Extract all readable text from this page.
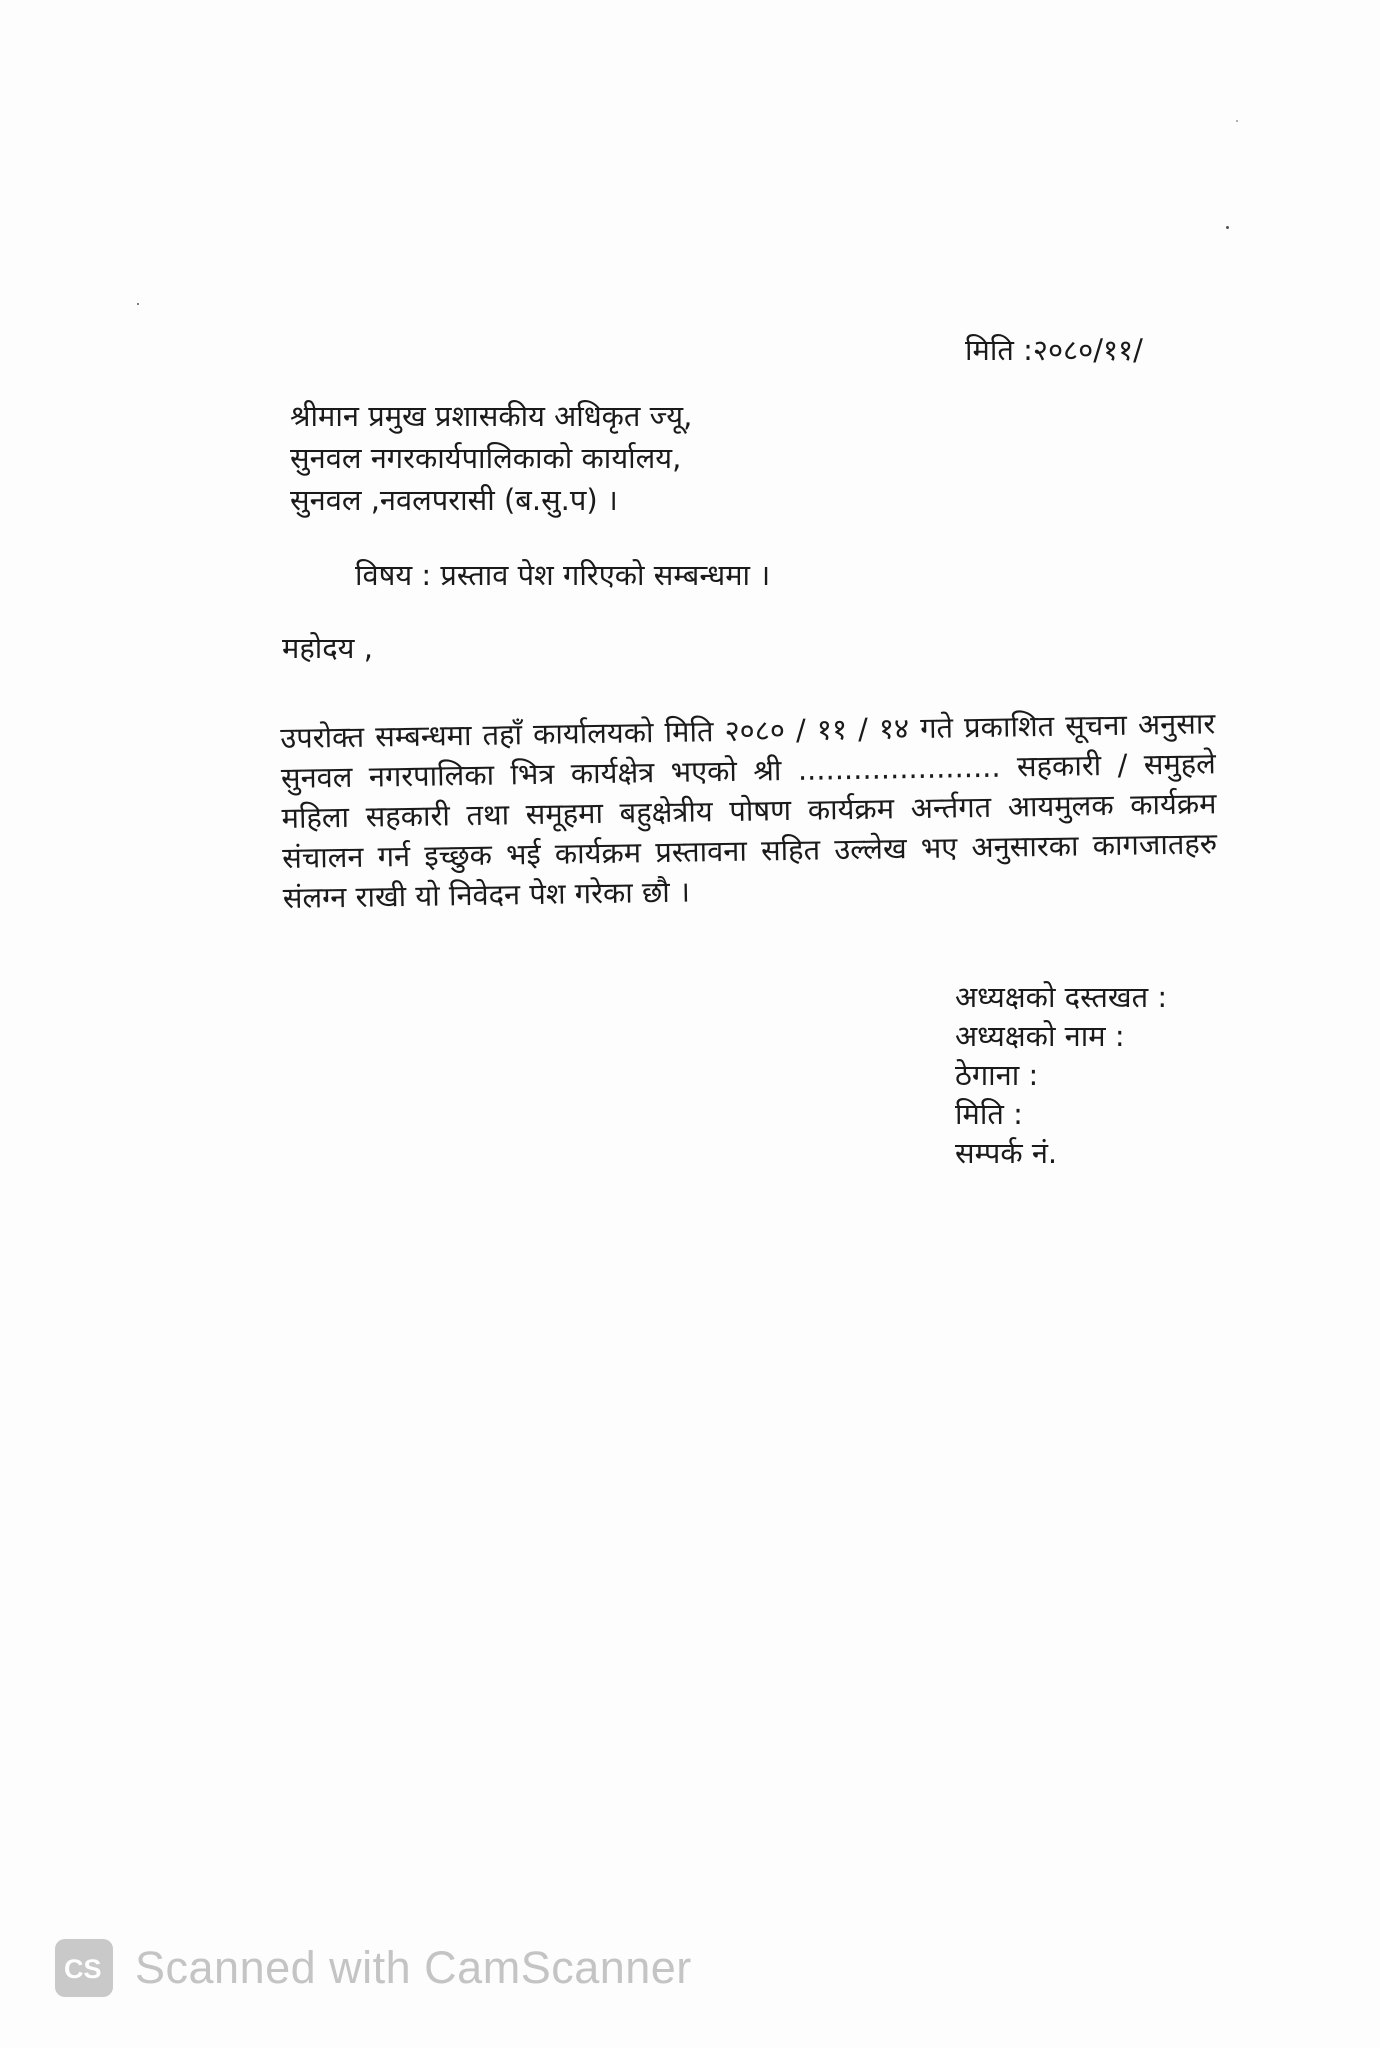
मिति :२०८०/११/
श्रीमान प्रमुख प्रशासकीय अधिकृत ज्यू,
सुनवल नगरकार्यपालिकाको कार्यालय,
सुनवल ,नवलपरासी (ब.सु.प) ।
विषय : प्रस्ताव पेश गरिएको सम्बन्धमा ।
महोदय ,
उपरोक्त सम्बन्धमा तहाँ कार्यालयको मिति २०८० / ११ / १४ गते प्रकाशित सूचना अनुसार सुनवल नगरपालिका भित्र कार्यक्षेत्र भएको श्री ...................... सहकारी / समुहले महिला सहकारी तथा समूहमा बहुक्षेत्रीय पोषण कार्यक्रम अर्न्तगत आयमुलक कार्यक्रम संचालन गर्न इच्छुक भई कार्यक्रम प्रस्तावना सहित उल्लेख भए अनुसारका कागजातहरु संलग्न राखी यो निवेदन पेश गरेका छौ ।
अध्यक्षको दस्तखत :
अध्यक्षको नाम :
ठेगाना :
मिति :
सम्पर्क नं.
CS Scanned with CamScanner
